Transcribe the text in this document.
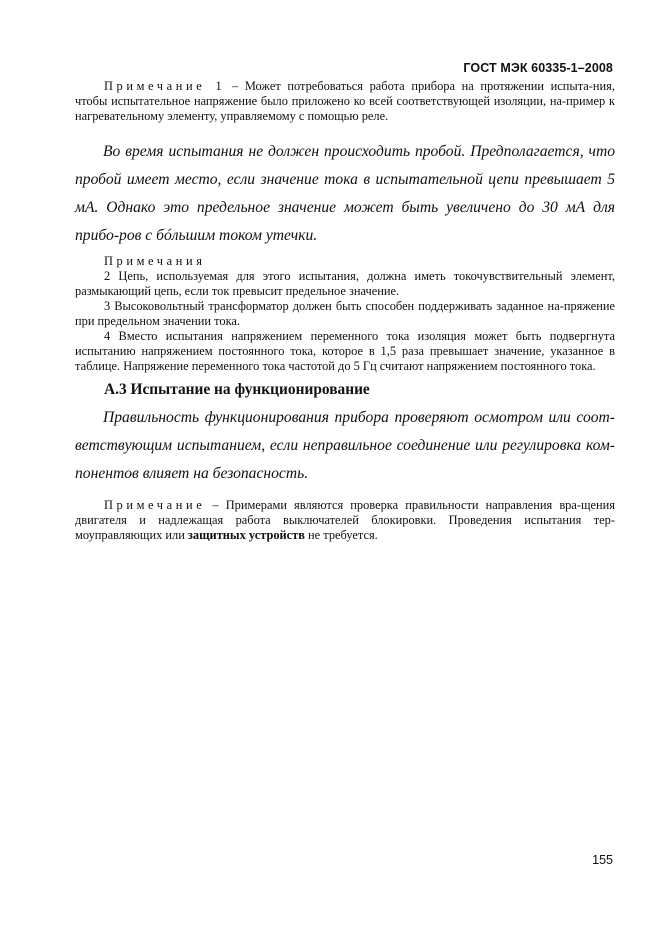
ГОСТ МЭК 60335-1–2008

Примечание 1 – Может потребоваться работа прибора на протяжении испыта-ния, чтобы испытательное напряжение было приложено ко всей соответствующей изоляции, на-пример к нагревательному элементу, управляемому с помощью реле.

Во время испытания не должен происходить пробой. Предполагается, что пробой имеет место, если значение тока в испытательной цепи превышает 5 мА. Однако это предельное значение может быть увеличено до 30 мА для прибо-ров с бóльшим током утечки.

Примечания

2 Цепь, используемая для этого испытания, должна иметь токочувствительный элемент, размыкающий цепь, если ток превысит предельное значение.

3 Высоковольтный трансформатор должен быть способен поддерживать заданное на-пряжение при предельном значении тока.

4 Вместо испытания напряжением переменного тока изоляция может быть подвергнута испытанию напряжением постоянного тока, которое в 1,5 раза превышает значение, указанное в таблице. Напряжение переменного тока частотой до 5 Гц считают напряжением постоянного тока.

А.3 Испытание на функционирование

Правильность функционирования прибора проверяют осмотром или соот-ветствующим испытанием, если неправильное соединение или регулировка ком-понентов влияет на безопасность.

Примечание – Примерами являются проверка правильности направления вра-щения двигателя и надлежащая работа выключателей блокировки. Проведения испытания тер-моуправляющих или защитных устройств не требуется.

155
